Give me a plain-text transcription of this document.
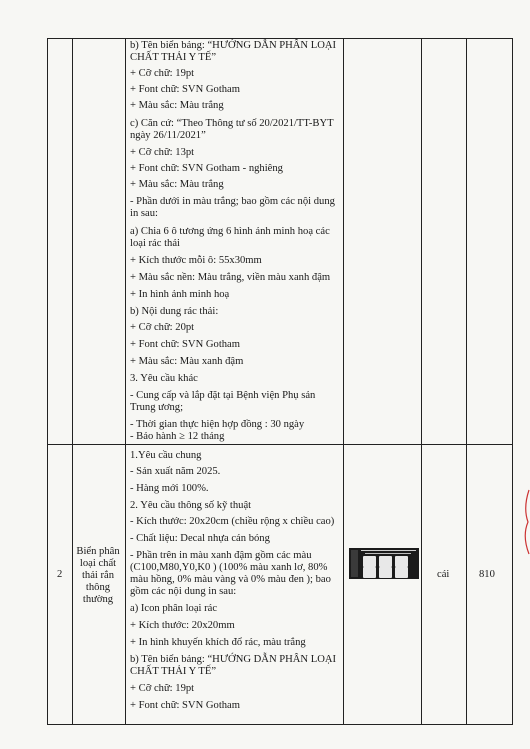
b) Tên biển bảng: “HƯỚNG DẪN PHÂN LOẠI
CHẤT THẢI Y TẾ”
+ Cỡ chữ: 19pt
+ Font chữ: SVN Gotham
+ Màu sắc: Màu trắng
c) Căn cứ: “Theo Thông tư số 20/2021/TT-BYT
ngày 26/11/2021”
+ Cỡ chữ: 13pt
+ Font chữ: SVN Gotham - nghiêng
+ Màu sắc: Màu trắng
- Phần dưới in màu trắng; bao gồm các nội dung
in sau:
a) Chia 6 ô tương ứng 6 hình ảnh minh hoạ các
loại rác thải
+ Kích thước mỗi ô: 55x30mm
+ Màu sắc nền: Màu trắng, viền màu xanh đậm
+ In hình ảnh minh hoạ
b) Nội dung rác thải:
+ Cỡ chữ: 20pt
+ Font chữ: SVN Gotham
+ Màu sắc: Màu xanh đậm
3. Yêu cầu khác
- Cung cấp và lắp đặt tại Bệnh viện Phụ sản
Trung ương;
- Thời gian thực hiện hợp đồng : 30 ngày
- Bảo hành ≥ 12 tháng
2
Biển phân
loại chất
thải rắn
thông
thường
1.Yêu cầu chung
- Sản xuất năm 2025.
- Hàng mới 100%.
2. Yêu cầu thông số kỹ thuật
- Kích thước: 20x20cm (chiều rộng x chiều cao)
- Chất liệu: Decal nhựa cán bóng
- Phần trên in màu xanh đậm gồm các màu
(C100,M80,Y0,K0 ) (100% màu xanh lơ, 80%
màu hồng, 0% màu vàng và 0% màu đen ); bao
gồm các nội dung in sau:
a) Icon phân loại rác
+ Kích thước: 20x20mm
+ In hình khuyến khích đổ rác, màu trắng
b) Tên biển bảng: “HƯỚNG DẪN PHÂN LOẠI
CHẤT THẢI Y TẾ”
+ Cỡ chữ: 19pt
+ Font chữ: SVN Gotham
cái	810
